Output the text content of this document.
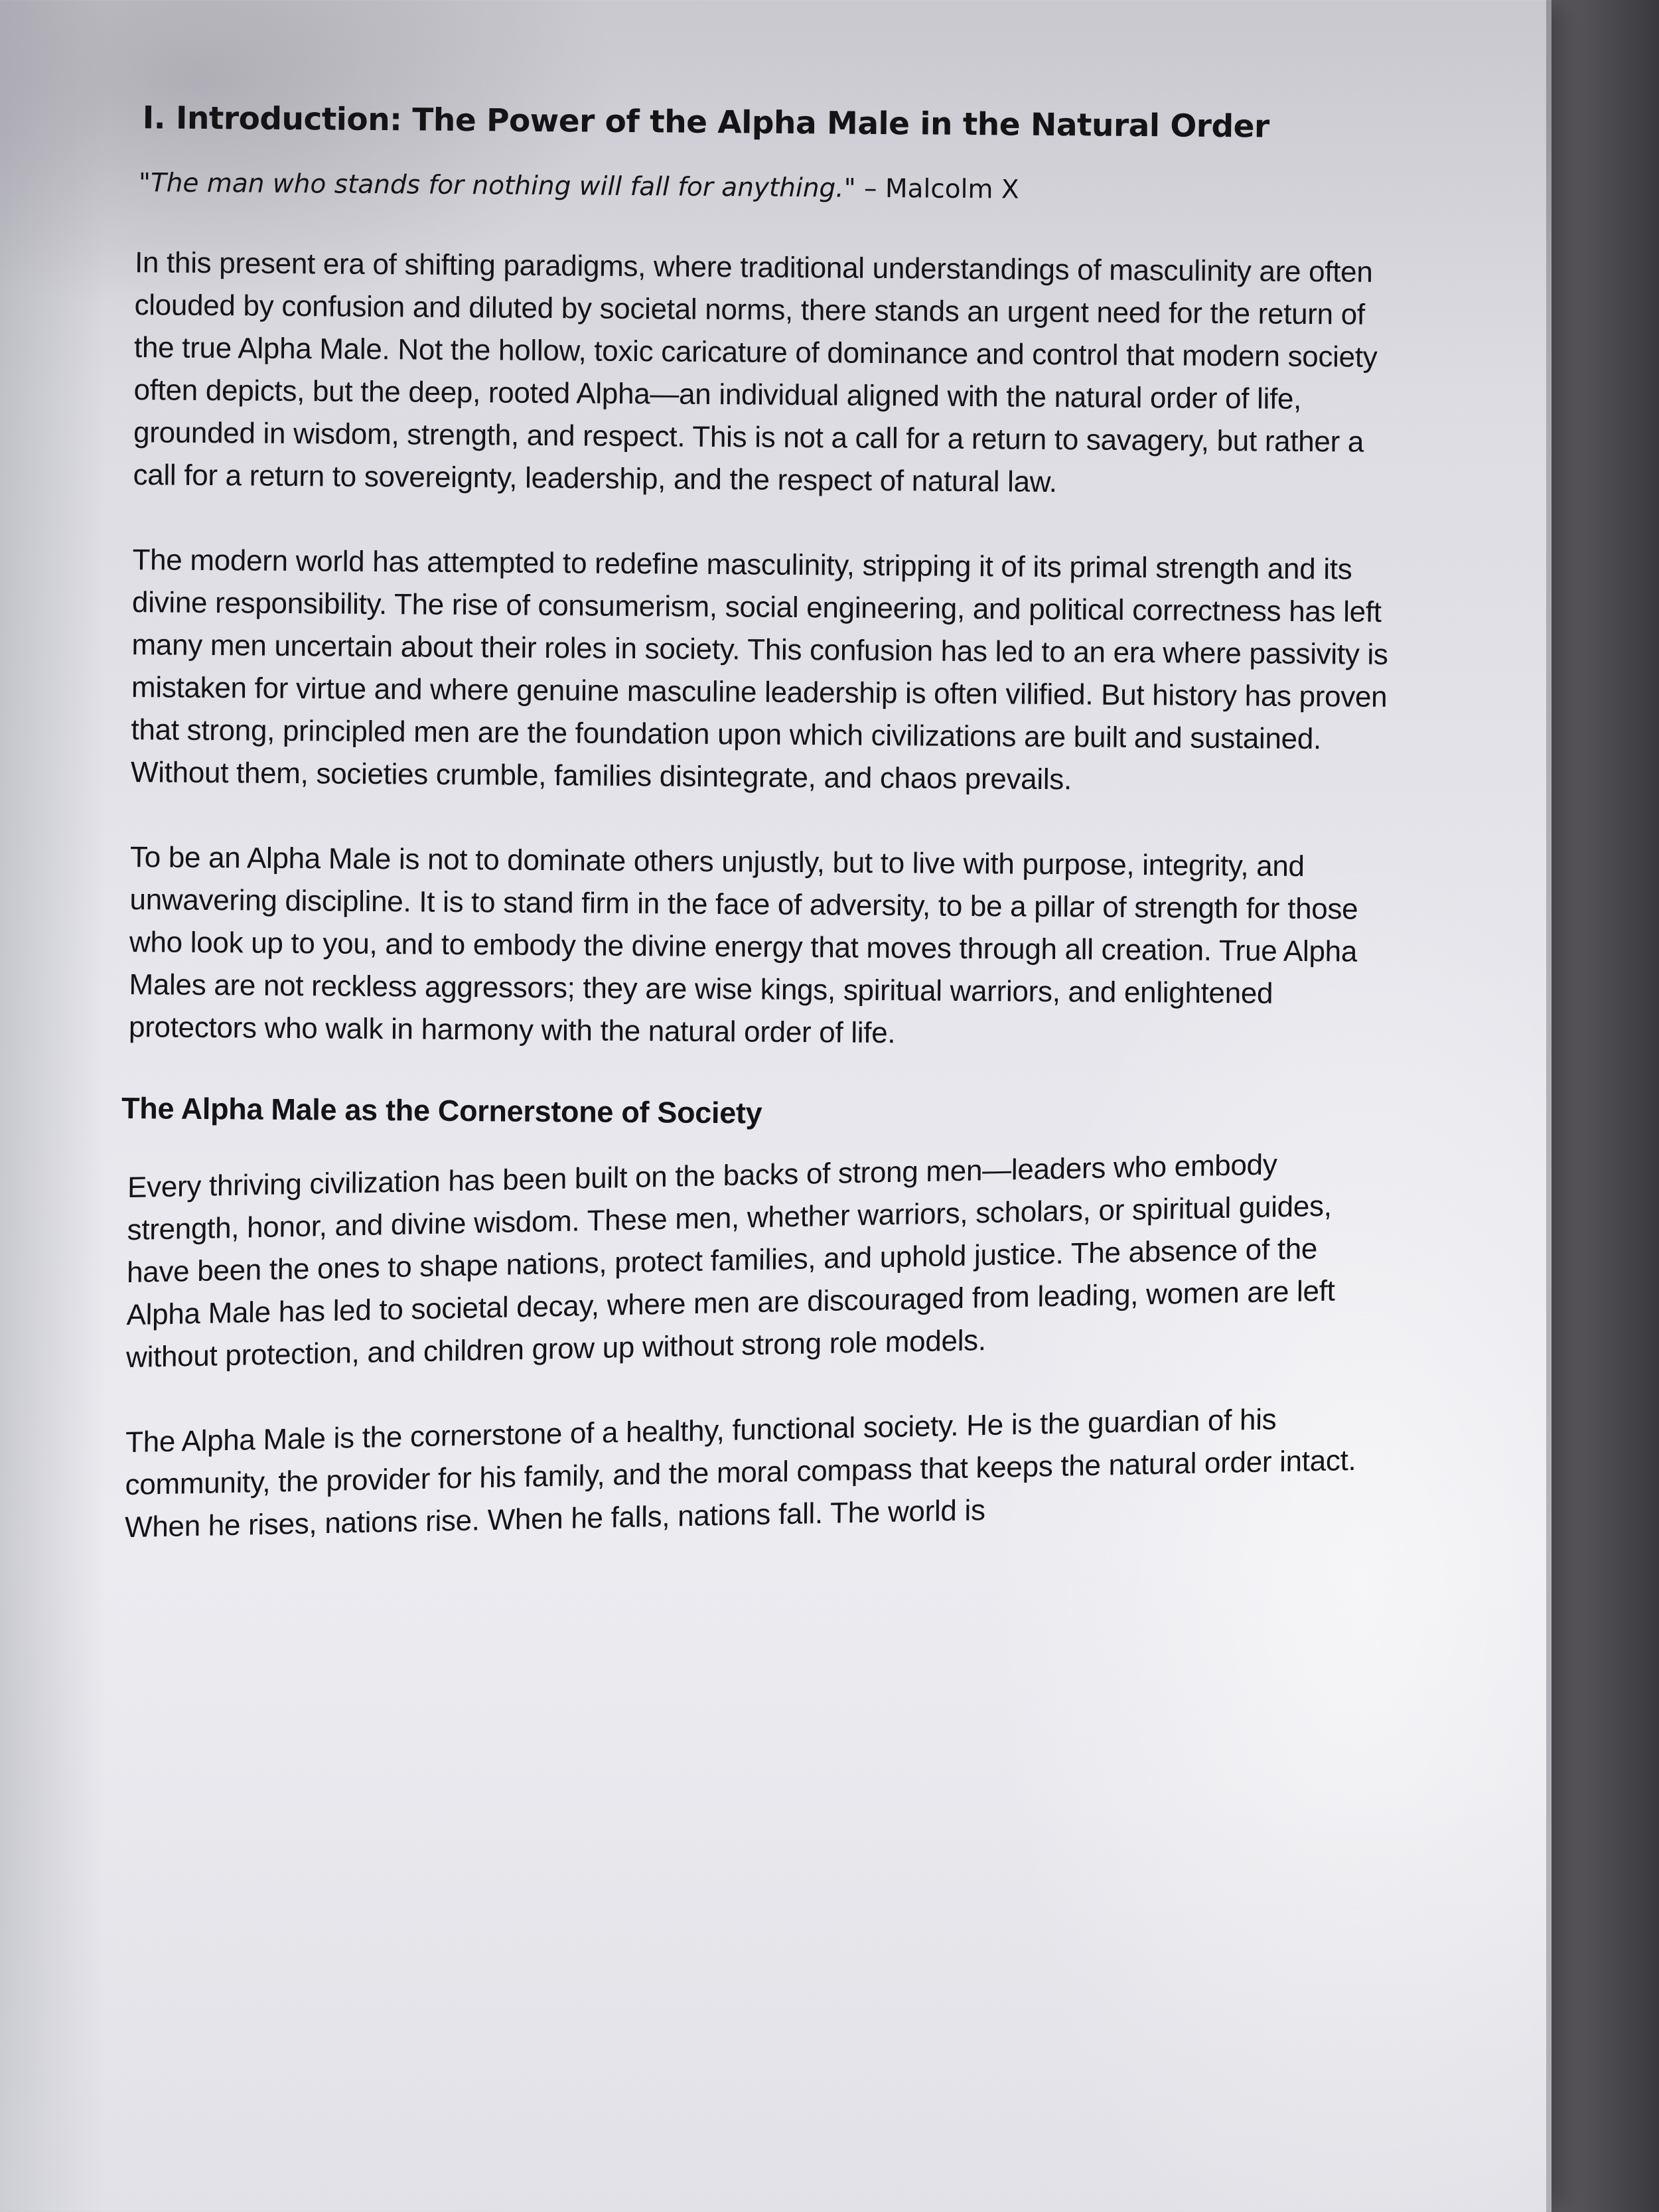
I. Introduction: The Power of the Alpha Male in the Natural Order
"The man who stands for nothing will fall for anything." – Malcolm X

In this present era of shifting paradigms, where traditional understandings of masculinity are often clouded by confusion and diluted by societal norms, there stands an urgent need for the return of the true Alpha Male. Not the hollow, toxic caricature of dominance and control that modern society often depicts, but the deep, rooted Alpha—an individual aligned with the natural order of life, grounded in wisdom, strength, and respect. This is not a call for a return to savagery, but rather a call for a return to sovereignty, leadership, and the respect of natural law.

The modern world has attempted to redefine masculinity, stripping it of its primal strength and its divine responsibility. The rise of consumerism, social engineering, and political correctness has left many men uncertain about their roles in society. This confusion has led to an era where passivity is mistaken for virtue and where genuine masculine leadership is often vilified. But history has proven that strong, principled men are the foundation upon which civilizations are built and sustained. Without them, societies crumble, families disintegrate, and chaos prevails.

To be an Alpha Male is not to dominate others unjustly, but to live with purpose, integrity, and unwavering discipline. It is to stand firm in the face of adversity, to be a pillar of strength for those who look up to you, and to embody the divine energy that moves through all creation. True Alpha Males are not reckless aggressors; they are wise kings, spiritual warriors, and enlightened protectors who walk in harmony with the natural order of life.

The Alpha Male as the Cornerstone of Society

Every thriving civilization has been built on the backs of strong men—leaders who embody strength, honor, and divine wisdom. These men, whether warriors, scholars, or spiritual guides, have been the ones to shape nations, protect families, and uphold justice. The absence of the Alpha Male has led to societal decay, where men are discouraged from leading, women are left without protection, and children grow up without strong role models.

The Alpha Male is the cornerstone of a healthy, functional society. He is the guardian of his community, the provider for his family, and the moral compass that keeps the natural order intact. When he rises, nations rise. When he falls, nations fall. The world is
